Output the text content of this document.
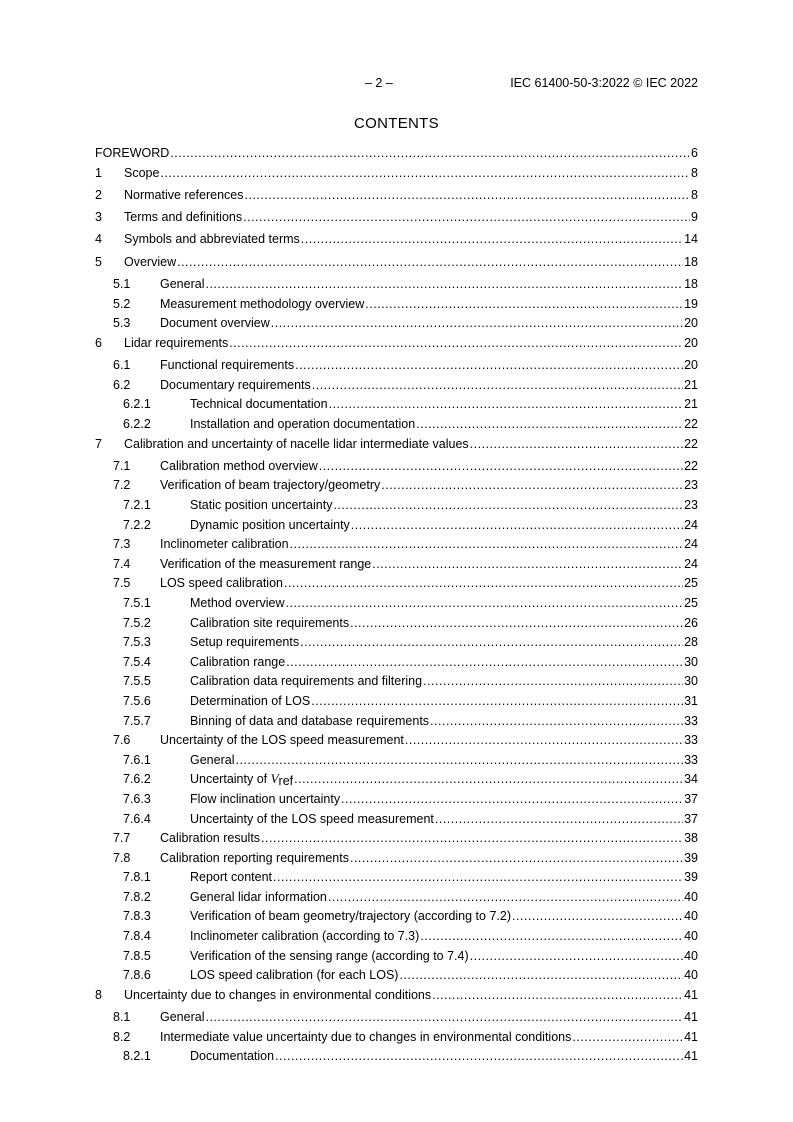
– 2 –	IEC 61400-50-3:2022 © IEC 2022
CONTENTS
FOREWORD .....	6
1 Scope .....	8
2 Normative references .....	8
3 Terms and definitions .....	9
4 Symbols and abbreviated terms .....	14
5 Overview .....	18
5.1 General .....	18
5.2 Measurement methodology overview .....	19
5.3 Document overview .....	20
6 Lidar requirements .....	20
6.1 Functional requirements .....	20
6.2 Documentary requirements .....	21
6.2.1	Technical documentation .....	21
6.2.2	Installation and operation documentation .....	22
7 Calibration and uncertainty of nacelle lidar intermediate values .....	22
7.1 Calibration method overview .....	22
7.2 Verification of beam trajectory/geometry .....	23
7.2.1	Static position uncertainty .....	23
7.2.2	Dynamic position uncertainty .....	24
7.3 Inclinometer calibration .....	24
7.4 Verification of the measurement range .....	24
7.5 LOS speed calibration .....	25
7.5.1	Method overview .....	25
7.5.2	Calibration site requirements .....	26
7.5.3	Setup requirements .....	28
7.5.4	Calibration range .....	30
7.5.5	Calibration data requirements and filtering .....	30
7.5.6	Determination of LOS .....	31
7.5.7	Binning of data and database requirements .....	33
7.6 Uncertainty of the LOS speed measurement .....	33
7.6.1	General .....	33
7.6.2	Uncertainty of Vref .....	34
7.6.3	Flow inclination uncertainty .....	37
7.6.4	Uncertainty of the LOS speed measurement .....	37
7.7 Calibration results .....	38
7.8 Calibration reporting requirements .....	39
7.8.1	Report content .....	39
7.8.2	General lidar information .....	40
7.8.3	Verification of beam geometry/trajectory (according to 7.2) .....	40
7.8.4	Inclinometer calibration (according to 7.3) .....	40
7.8.5	Verification of the sensing range (according to 7.4) .....	40
7.8.6	LOS speed calibration (for each LOS) .....	40
8 Uncertainty due to changes in environmental conditions .....	41
8.1 General .....	41
8.2 Intermediate value uncertainty due to changes in environmental conditions .....	41
8.2.1	Documentation .....	41
